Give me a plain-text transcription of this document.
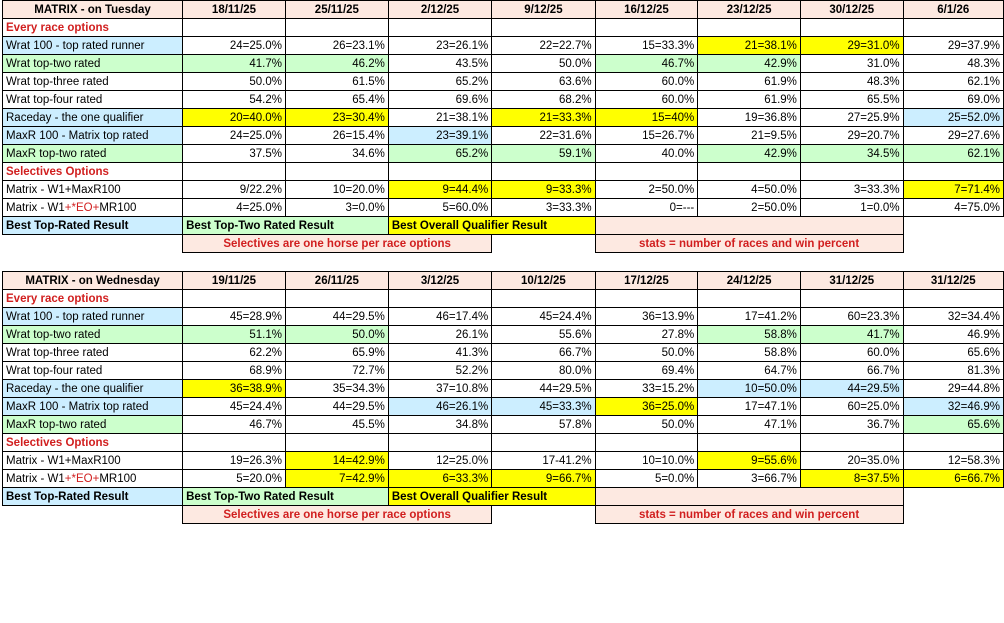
MATRIX - on Tuesday	18/11/25	25/11/25	2/12/25	9/12/25	16/12/25	23/12/25	30/12/25	6/1/26
Every race options								
Wrat 100 - top rated runner	24=25.0%	26=23.1%	23=26.1%	22=22.7%	15=33.3%	21=38.1%	29=31.0%	29=37.9%
Wrat top-two rated	41.7%	46.2%	43.5%	50.0%	46.7%	42.9%	31.0%	48.3%
Wrat top-three rated	50.0%	61.5%	65.2%	63.6%	60.0%	61.9%	48.3%	62.1%
Wrat top-four rated	54.2%	65.4%	69.6%	68.2%	60.0%	61.9%	65.5%	69.0%
Raceday - the one qualifier	20=40.0%	23=30.4%	21=38.1%	21=33.3%	15=40%	19=36.8%	27=25.9%	25=52.0%
MaxR 100 - Matrix top rated	24=25.0%	26=15.4%	23=39.1%	22=31.6%	15=26.7%	21=9.5%	29=20.7%	29=27.6%
MaxR top-two rated	37.5%	34.6%	65.2%	59.1%	40.0%	42.9%	34.5%	62.1%
Selectives Options								
Matrix - W1+MaxR100	9/22.2%	10=20.0%	9=44.4%	9=33.3%	2=50.0%	4=50.0%	3=33.3%	7=71.4%
Matrix - W1+*EO+MR100	4=25.0%	3=0.0%	5=60.0%	3=33.3%	0=---	2=50.0%	1=0.0%	4=75.0%
Best Top-Rated Result	Best Top-Two Rated Result		Best Overall Qualifier Result					
	Selectives are one horse per race options				stats = number of races and win percent			
MATRIX - on Wednesday	19/11/25	26/11/25	3/12/25	10/12/25	17/12/25	24/12/25	31/12/25	31/12/25
Every race options								
Wrat 100 - top rated runner	45=28.9%	44=29.5%	46=17.4%	45=24.4%	36=13.9%	17=41.2%	60=23.3%	32=34.4%
Wrat top-two rated	51.1%	50.0%	26.1%	55.6%	27.8%	58.8%	41.7%	46.9%
Wrat top-three rated	62.2%	65.9%	41.3%	66.7%	50.0%	58.8%	60.0%	65.6%
Wrat top-four rated	68.9%	72.7%	52.2%	80.0%	69.4%	64.7%	66.7%	81.3%
Raceday - the one qualifier	36=38.9%	35=34.3%	37=10.8%	44=29.5%	33=15.2%	10=50.0%	44=29.5%	29=44.8%
MaxR 100 - Matrix top rated	45=24.4%	44=29.5%	46=26.1%	45=33.3%	36=25.0%	17=47.1%	60=25.0%	32=46.9%
MaxR top-two rated	46.7%	45.5%	34.8%	57.8%	50.0%	47.1%	36.7%	65.6%
Selectives Options								
Matrix - W1+MaxR100	19=26.3%	14=42.9%	12=25.0%	17-41.2%	10=10.0%	9=55.6%	20=35.0%	12=58.3%
Matrix - W1+*EO+MR100	5=20.0%	7=42.9%	6=33.3%	9=66.7%	5=0.0%	3=66.7%	8=37.5%	6=66.7%
Best Top-Rated Result	Best Top-Two Rated Result		Best Overall Qualifier Result					
	Selectives are one horse per race options				stats = number of races and win percent			
